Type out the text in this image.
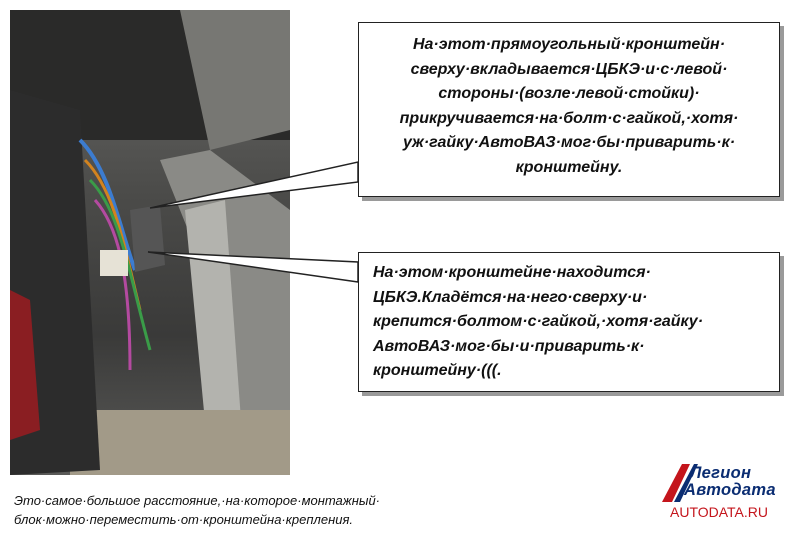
На·этот·прямоугольный·кронштейн· сверху·вкладывается·ЦБКЭ·и·с·левой· стороны·(возле·левой·стойки)· прикручивается·на·болт·с·гайкой,·хотя· уж·гайку·АвтоВАЗ·мог·бы·приварить·к· кронштейну.
На·этом·кронштейне·находится· ЦБКЭ.Кладётся·на·него·сверху·и· крепится·болтом·с·гайкой,·хотя·гайку· АвтоВАЗ·мог·бы·и·приварить·к· кронштейну·(((.
Это·самое·большое расстояние,·на·которое·монтажный· блок·можно·переместить·от·кронштейна·крепления.
Легион
Автодата
AUTODATA.RU
